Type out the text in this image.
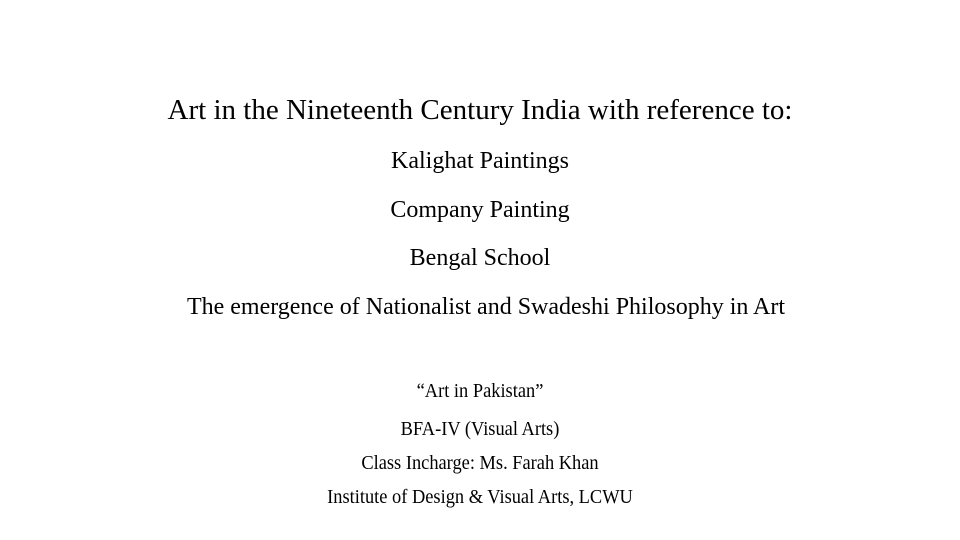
Art in the Nineteenth Century India with reference to:
Kalighat Paintings
Company Painting
Bengal School
The emergence of Nationalist and Swadeshi Philosophy in Art
“Art in Pakistan”
BFA-IV (Visual Arts)
Class Incharge: Ms. Farah Khan
Institute of Design & Visual Arts, LCWU
